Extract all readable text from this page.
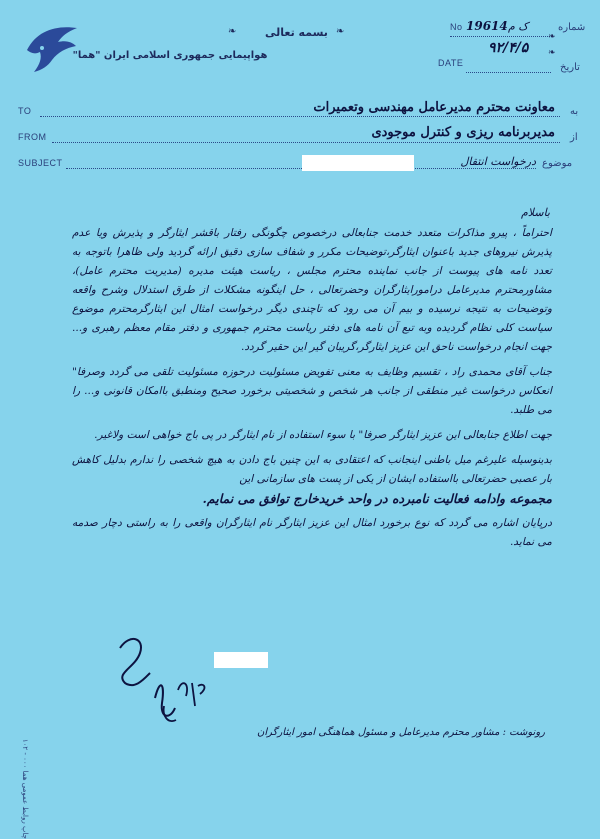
هواپیمایی جمهوری اسلامی ایران "هما"
بسمه تعالی ❧
❧	شماره
ک م
19614
No
تاریخ
۹۲/۴/۵
DATE
❧
❧
TO	به
معاونت محترم مدیرعامل مهندسی وتعمیرات
FROM	از
مدیربرنامه ریزی و کنترل موجودی
SUBJECT	موضوع
درخواست انتقال
باسلام

احتراماً ، پیرو مذاکرات متعدد خدمت جنابعالی درخصوص چگونگی رفتار باقشر ایثارگر و پذیرش ویا عدم پذیرش نیروهای جدید باعنوان ایثارگر،توضیحات مکرر و شفاف سازی دقیق ارائه گردید ولی ظاهرا باتوجه به تعدد نامه های پیوست از جانب نماینده محترم مجلس ، ریاست هیئت مدیره (مدیریت محترم عامل)، مشاورمحترم مدیرعامل درامورایثارگران وحضرتعالی ، حل اینگونه مشکلات از طرق استدلال وشرح واقعه وتوضیحات به نتیجه نرسیده و بیم آن می رود که تاچندی دیگر درخواست امثال این ایثارگرمحترم موضوع سیاست کلی نظام گردیده وبه تبع آن نامه های دفتر ریاست محترم جمهوری و دفتر مقام معظم رهبری و... جهت انجام درخواست ناحق این عزیز ایثارگر،گریبان گیر این حقیر گردد.

جناب آقای محمدی راد ، تقسیم وظایف به معنی تفویض مسئولیت درحوزه مسئولیت تلقی می گردد وصرفا" انعکاس درخواست غیر منطقی از جانب هر شخص و شخصیتی برخورد صحیح ومنطبق باامکان قانونی و... را می طلبد.

جهت اطلاع جنابعالی این عزیز ایثارگر صرفا" با سوء استفاده از نام ایثارگر در پی باج خواهی است ولاغیر.

بدینوسیله علیرغم میل باطنی اینجانب که اعتقادی به این چنین باج دادن به هیچ شخصی را ندارم بدلیل کاهش بار عصبی حضرتعالی بااستفاده ایشان از یکی از پست های سازمانی این

مجموعه وادامه فعالیت نامبرده در واحد خریدخارج توافق می نمایم.

درپایان اشاره می گردد که نوع برخورد امثال این عزیز ایثارگر نام ایثارگران واقعی را به راستی دچار صدمه می نماید.

رونوشت : مشاور محترم مدیرعامل و مسئول هماهنگی امور ایثارگران
چاپ روابط عمومی هما ۰۰۰ - ۱۰۲
